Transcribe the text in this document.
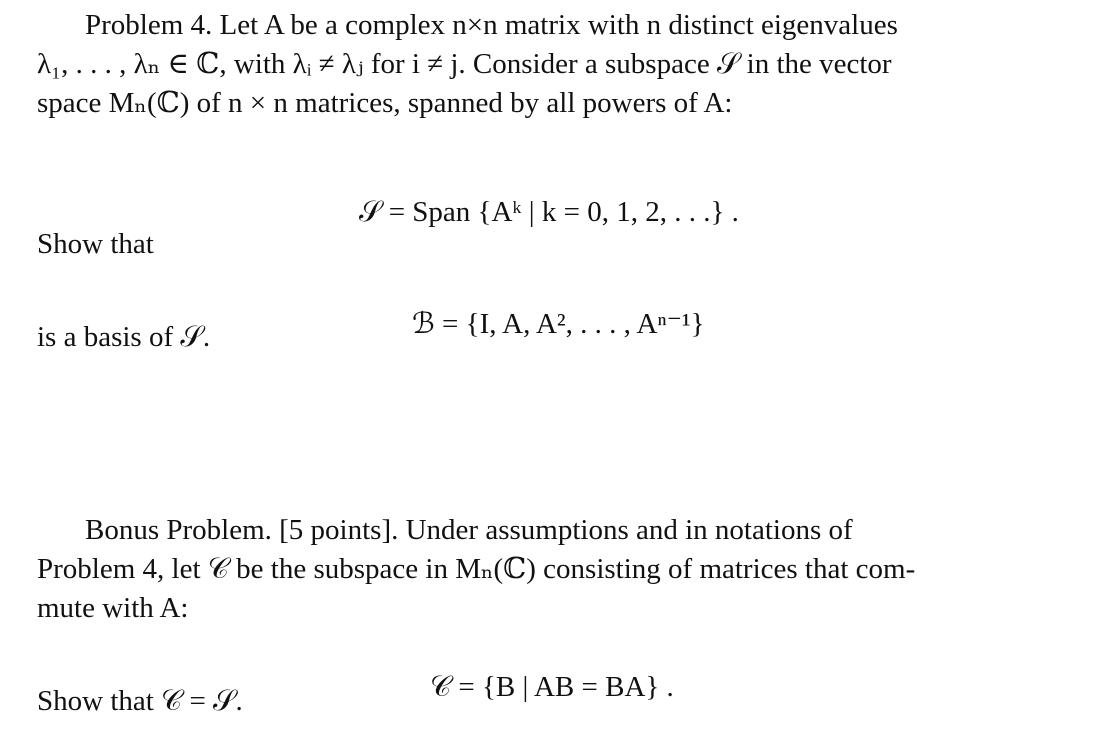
Problem 4. Let A be a complex n×n matrix with n distinct eigenvalues
λ₁, . . . , λₙ ∈ ℂ, with λᵢ ≠ λⱼ for i ≠ j. Consider a subspace 𝒮 in the vector
space Mₙ(ℂ) of n × n matrices, spanned by all powers of A:

𝒮 = Span {Aᵏ | k = 0, 1, 2, . . .} .

Show that

ℬ = {I, A, A², . . . , Aⁿ⁻¹}

is a basis of 𝒮.
Bonus Problem. [5 points]. Under assumptions and in notations of
Problem 4, let 𝒞 be the subspace in Mₙ(ℂ) consisting of matrices that com-
mute with A:

𝒞 = {B | AB = BA} .

Show that 𝒞 = 𝒮.
